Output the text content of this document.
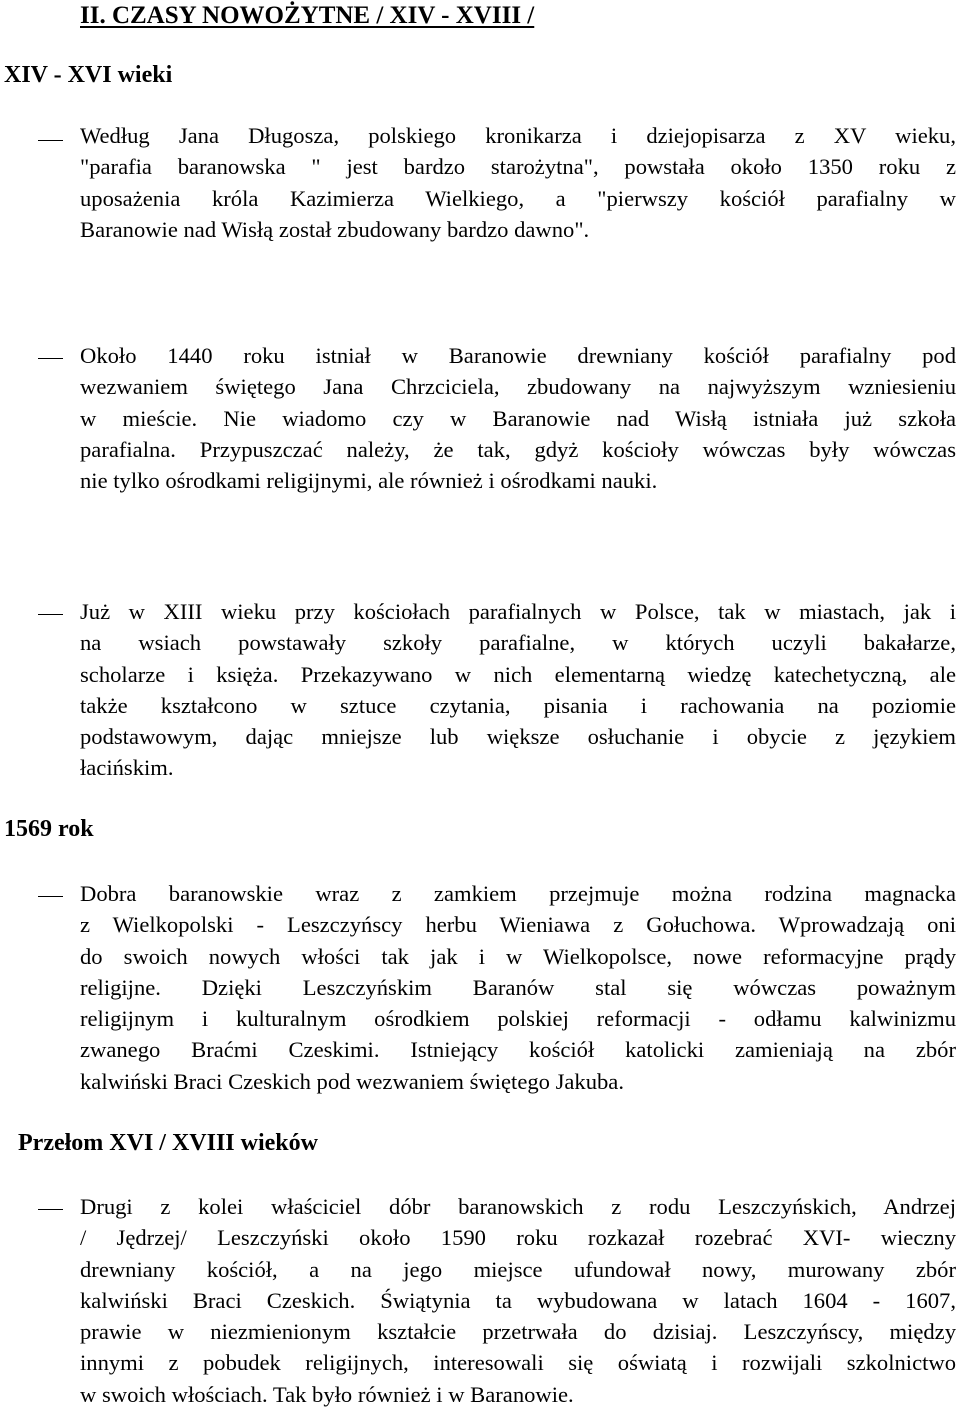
II. CZASY NOWOŻYTNE / XIV - XVIII /
XIV - XVI wieki
Według Jana Długosza, polskiego kronikarza i dziejopisarza z XV wieku,
"parafia baranowska " jest bardzo starożytna", powstała około 1350 roku z
uposażenia króla Kazimierza Wielkiego, a "pierwszy kościół parafialny w
Baranowie nad Wisłą został zbudowany bardzo dawno".
Około 1440 roku istniał w Baranowie drewniany kościół parafialny pod
wezwaniem świętego Jana Chrzciciela, zbudowany na najwyższym wzniesieniu
w mieście. Nie wiadomo czy w Baranowie nad Wisłą istniała już szkoła
parafialna. Przypuszczać należy, że tak, gdyż kościoły wówczas były wówczas
nie tylko ośrodkami religijnymi, ale również i ośrodkami nauki.
Już w XIII wieku przy kościołach parafialnych w Polsce, tak w miastach, jak i
na wsiach powstawały szkoły parafialne, w których uczyli bakałarze,
scholarze i księża. Przekazywano w nich elementarną wiedzę katechetyczną, ale
także kształcono w sztuce czytania, pisania i rachowania na poziomie
podstawowym, dając mniejsze lub większe osłuchanie i obycie z językiem
łacińskim.
1569 rok
Dobra baranowskie wraz z zamkiem przejmuje można rodzina magnacka
z Wielkopolski - Leszczyńscy herbu Wieniawa z Gołuchowa. Wprowadzają oni
do swoich nowych włości tak jak i w Wielkopolsce, nowe reformacyjne prądy
religijne. Dzięki Leszczyńskim Baranów stal się wówczas poważnym
religijnym i kulturalnym ośrodkiem polskiej reformacji - odłamu kalwinizmu
zwanego Braćmi Czeskimi. Istniejący kościół katolicki zamieniają na zbór
kalwiński Braci Czeskich pod wezwaniem świętego Jakuba.
Przełom XVI / XVIII wieków
Drugi z kolei właściciel dóbr baranowskich z rodu Leszczyńskich, Andrzej
/ Jędrzej/ Leszczyński około 1590 roku rozkazał rozebrać XVI- wieczny
drewniany kościół, a na jego miejsce ufundował nowy, murowany zbór
kalwiński Braci Czeskich. Świątynia ta wybudowana w latach 1604 - 1607,
prawie w niezmienionym kształcie przetrwała do dzisiaj. Leszczyńscy, między
innymi z pobudek religijnych, interesowali się oświatą i rozwijali szkolnictwo
w swoich włościach. Tak było również i w Baranowie.
